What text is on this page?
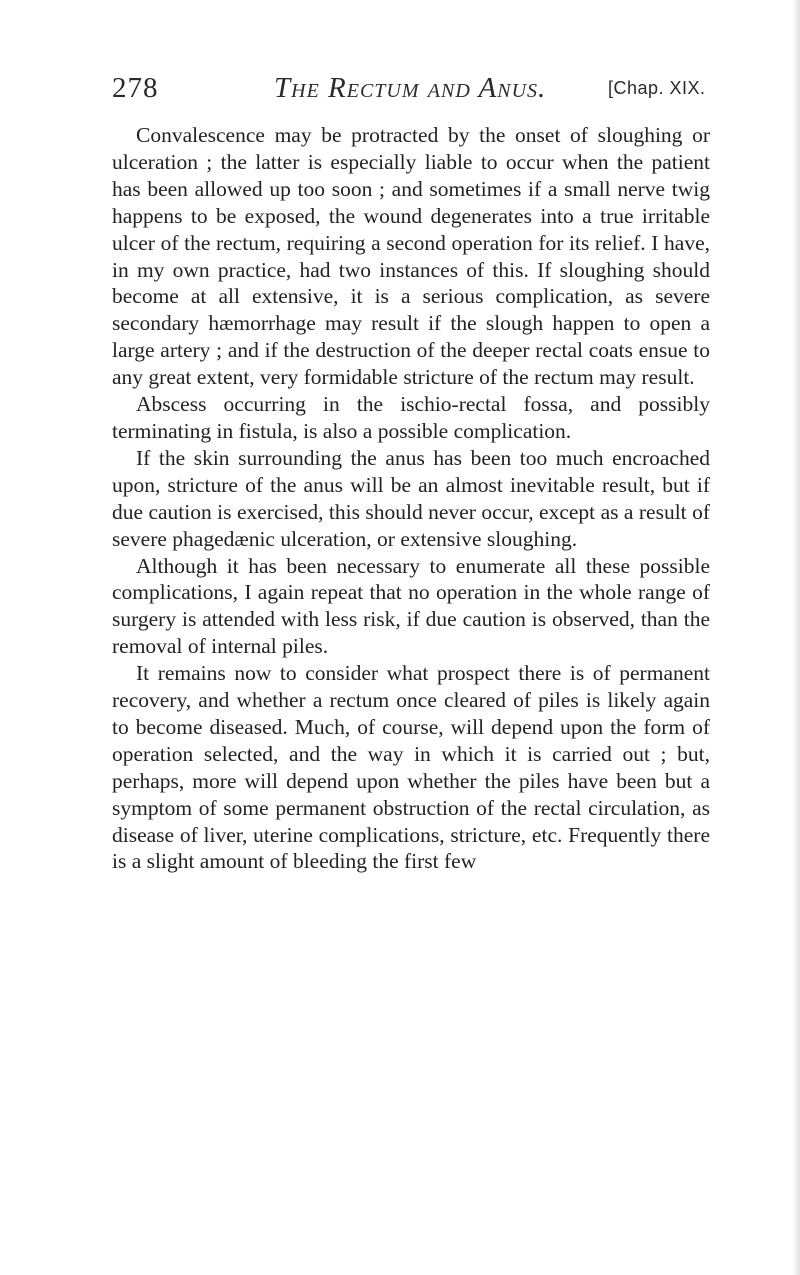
278	The Rectum and Anus.	[Chap. XIX.

Convalescence may be protracted by the onset of sloughing or ulceration ; the latter is especially liable to occur when the patient has been allowed up too soon ; and sometimes if a small nerve twig happens to be exposed, the wound degenerates into a true irritable ulcer of the rectum, requiring a second operation for its relief. I have, in my own practice, had two instances of this. If sloughing should become at all extensive, it is a serious complication, as severe secondary hæmorrhage may result if the slough happen to open a large artery ; and if the destruction of the deeper rectal coats ensue to any great extent, very formidable stricture of the rectum may result.

Abscess occurring in the ischio-rectal fossa, and possibly terminating in fistula, is also a possible complication.

If the skin surrounding the anus has been too much encroached upon, stricture of the anus will be an almost inevitable result, but if due caution is exercised, this should never occur, except as a result of severe phagedænic ulceration, or extensive sloughing.

Although it has been necessary to enumerate all these possible complications, I again repeat that no operation in the whole range of surgery is attended with less risk, if due caution is observed, than the removal of internal piles.

It remains now to consider what prospect there is of permanent recovery, and whether a rectum once cleared of piles is likely again to become diseased. Much, of course, will depend upon the form of operation selected, and the way in which it is carried out ; but, perhaps, more will depend upon whether the piles have been but a symptom of some permanent obstruction of the rectal circulation, as disease of liver, uterine complications, stricture, etc. Frequently there is a slight amount of bleeding the first few
